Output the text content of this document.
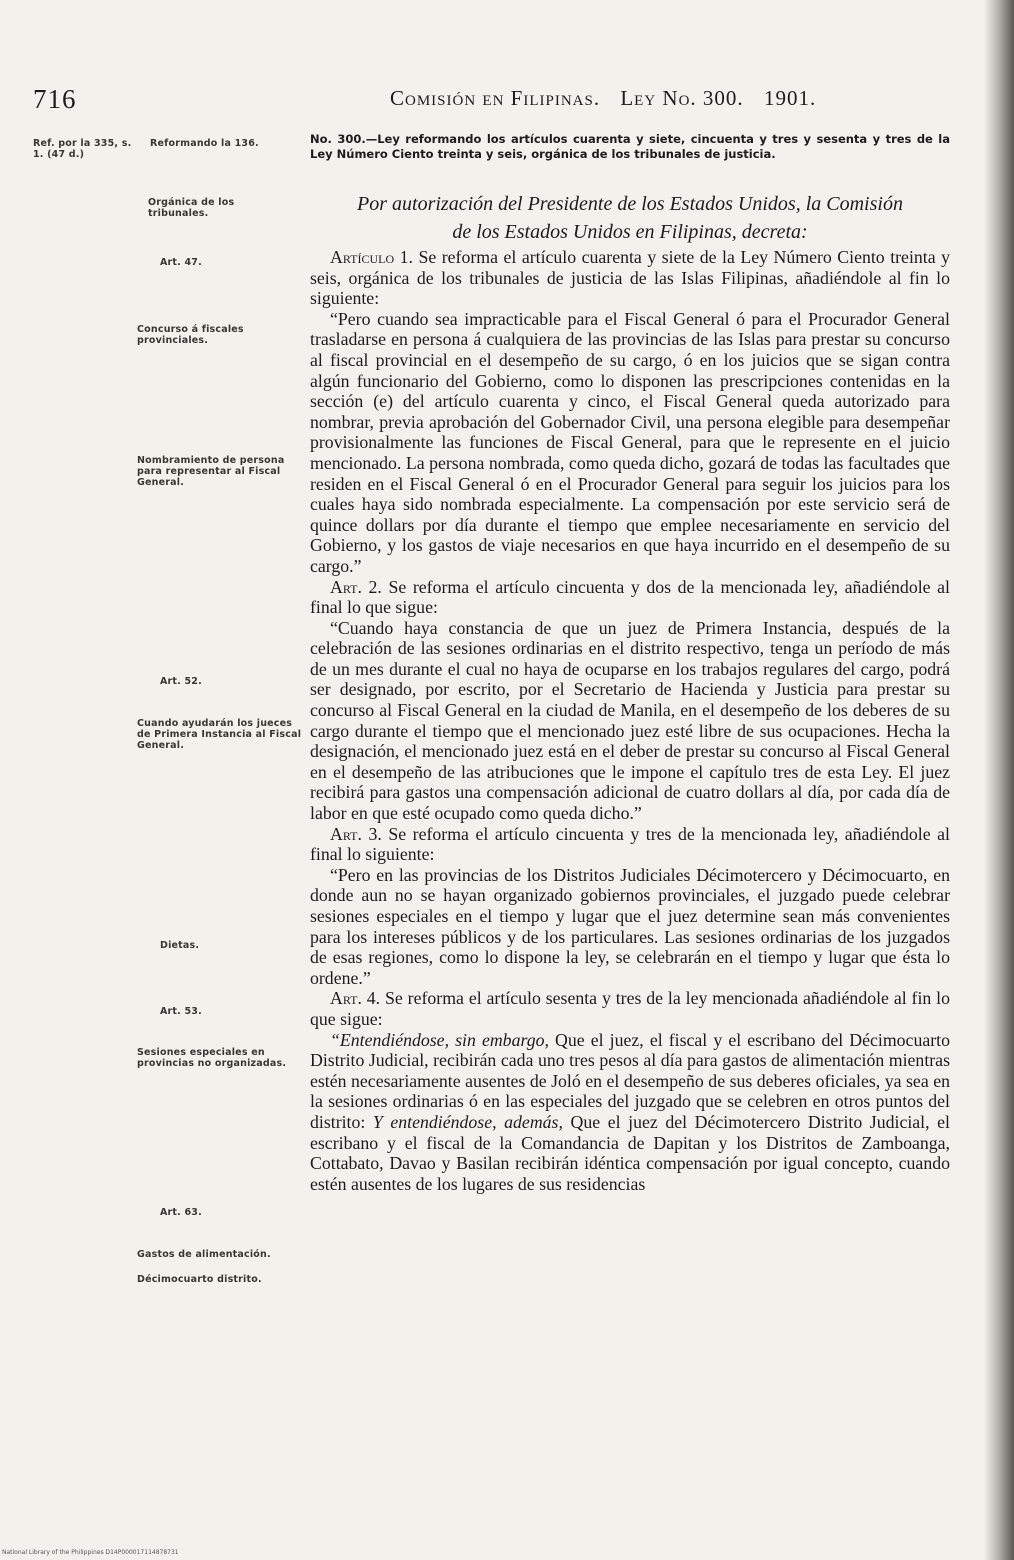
716	Comisión en Filipinas. Ley No. 300. 1901.
Ref. por la 335, s. 1. (47 d.)
Reformando la 136.
Orgánica de los tribunales.
Art. 47.
Concurso á fiscales provinciales.
Nombramiento de persona para representar al Fiscal General.
Art. 52.
Cuando ayudarán los jueces de Primera Instancia al Fiscal General.
Dietas.
Art. 53.
Sesiones especiales en provincias no organizadas.
Art. 63.
Gastos de alimentación.
Décimocuarto distrito.
No. 300.—Ley reformando los artículos cuarenta y siete, cincuenta y tres y sesenta y tres de la Ley Número Ciento treinta y seis, orgánica de los tribunales de justicia.
Por autorización del Presidente de los Estados Unidos, la Comisión
de los Estados Unidos en Filipinas, decreta:

Artículo 1. Se reforma el artículo cuarenta y siete de la Ley Número Ciento treinta y seis, orgánica de los tribunales de justicia de las Islas Filipinas, añadiéndole al fin lo siguiente:

“Pero cuando sea impracticable para el Fiscal General ó para el Procurador General trasladarse en persona á cualquiera de las provincias de las Islas para prestar su concurso al fiscal provincial en el desempeño de su cargo, ó en los juicios que se sigan contra algún funcionario del Gobierno, como lo disponen las prescripciones contenidas en la sección (e) del artículo cuarenta y cinco, el Fiscal General queda autorizado para nombrar, previa aprobación del Gobernador Civil, una persona elegible para desempeñar provisionalmente las funciones de Fiscal General, para que le represente en el juicio mencionado. La persona nombrada, como queda dicho, gozará de todas las facultades que residen en el Fiscal General ó en el Procurador General para seguir los juicios para los cuales haya sido nombrada especialmente. La compensación por este servicio será de quince dollars por día durante el tiempo que emplee necesariamente en servicio del Gobierno, y los gastos de viaje necesarios en que haya incurrido en el desempeño de su cargo.”

Art. 2. Se reforma el artículo cincuenta y dos de la mencionada ley, añadiéndole al final lo que sigue:

“Cuando haya constancia de que un juez de Primera Instancia, después de la celebración de las sesiones ordinarias en el distrito respectivo, tenga un período de más de un mes durante el cual no haya de ocuparse en los trabajos regulares del cargo, podrá ser designado, por escrito, por el Secretario de Hacienda y Justicia para prestar su concurso al Fiscal General en la ciudad de Manila, en el desempeño de los deberes de su cargo durante el tiempo que el mencionado juez esté libre de sus ocupaciones. Hecha la designación, el mencionado juez está en el deber de prestar su concurso al Fiscal General en el desempeño de las atribuciones que le impone el capítulo tres de esta Ley. El juez recibirá para gastos una compensación adicional de cuatro dollars al día, por cada día de labor en que esté ocupado como queda dicho.”

Art. 3. Se reforma el artículo cincuenta y tres de la mencionada ley, añadiéndole al final lo siguiente:

“Pero en las provincias de los Distritos Judiciales Décimotercero y Décimocuarto, en donde aun no se hayan organizado gobiernos provinciales, el juzgado puede celebrar sesiones especiales en el tiempo y lugar que el juez determine sean más convenientes para los intereses públicos y de los particulares. Las sesiones ordinarias de los juzgados de esas regiones, como lo dispone la ley, se celebrarán en el tiempo y lugar que ésta lo ordene.”

Art. 4. Se reforma el artículo sesenta y tres de la ley mencionada añadiéndole al fin lo que sigue:

“Entendiéndose, sin embargo, Que el juez, el fiscal y el escribano del Décimocuarto Distrito Judicial, recibirán cada uno tres pesos al día para gastos de alimentación mientras estén necesariamente ausentes de Joló en el desempeño de sus deberes oficiales, ya sea en la sesiones ordinarias ó en las especiales del juzgado que se celebren en otros puntos del distrito: Y entendiéndose, además, Que el juez del Décimotercero Distrito Judicial, el escribano y el fiscal de la Comandancia de Dapitan y los Distritos de Zamboanga, Cottabato, Davao y Basilan recibirán idéntica compensación por igual concepto, cuando estén ausentes de los lugares de sus residencias

National Library of the Philippines D14P000017114878731
